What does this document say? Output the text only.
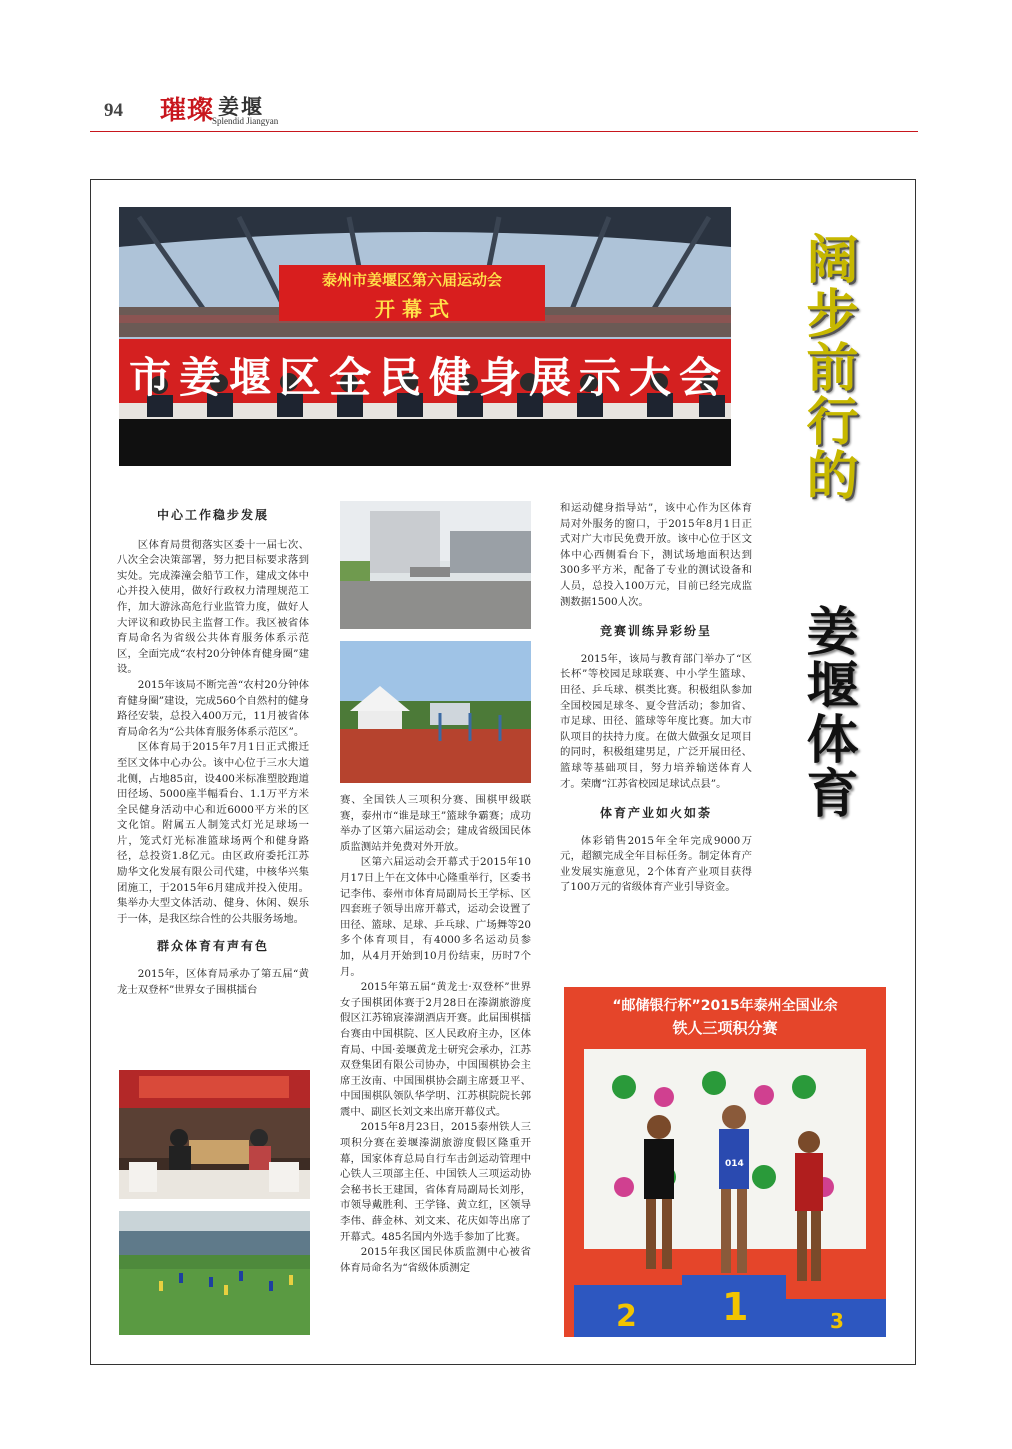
94 璀璨 姜堰
Splendid Jiangyan
泰州市姜堰区第六届运动会
开 幕 式
市姜堰区全民健身展示大会 阔步前行的
姜堰体育
中心工作稳步发展

区体育局贯彻落实区委十一届七次、八次全会决策部署，努力把目标要求落到实处。完成溱潼会船节工作，建成文体中心并投入使用，做好行政权力清理规范工作，加大游泳高危行业监管力度，做好人大评议和政协民主监督工作。我区被省体育局命名为省级公共体育服务体系示范区，全面完成“农村20分钟体育健身圈”建设。

2015年该局不断完善“农村20分钟体育健身圈”建设，完成560个自然村的健身路径安装，总投入400万元，11月被省体育局命名为“公共体育服务体系示范区”。

区体育局于2015年7月1日正式搬迁至区文体中心办公。该中心位于三水大道北侧，占地85亩，设400米标准塑胶跑道田径场、5000座半幅看台、1.1万平方米全民健身活动中心和近6000平方米的区文化馆。附属五人制笼式灯光足球场一片，笼式灯光标准篮球场两个和健身路径，总投资1.8亿元。由区政府委托江苏励华文化发展有限公司代建，中核华兴集团施工，于2015年6月建成并投入使用。集举办大型文体活动、健身、休闲、娱乐于一体，是我区综合性的公共服务场地。

群众体育有声有色

2015年，区体育局承办了第五届“黄龙士双登杯”世界女子围棋擂台

赛、全国铁人三项积分赛、围棋甲级联赛，泰州市“谁是球王”篮球争霸赛；成功举办了区第六届运动会；建成省级国民体质监测站并免费对外开放。

区第六届运动会开幕式于2015年10月17日上午在文体中心隆重举行，区委书记李伟、泰州市体育局副局长王学标、区四套班子领导出席开幕式，运动会设置了田径、篮球、足球、乒乓球、广场舞等20多个体育项目，有4000多名运动员参加，从4月开始到10月份结束，历时7个月。

2015年第五届“黄龙士·双登杯”世界女子围棋团体赛于2月28日在溱湖旅游度假区江苏锦宸溱湖酒店开赛。此届围棋擂台赛由中国棋院、区人民政府主办，区体育局、中国·姜堰黄龙士研究会承办，江苏双登集团有限公司协办，中国围棋协会主席王汝南、中国围棋协会副主席聂卫平、中国围棋队领队华学明、江苏棋院院长郭震中、副区长刘文来出席开幕仪式。

2015年8月23日，2015泰州铁人三项积分赛在姜堰溱湖旅游度假区隆重开幕，国家体育总局自行车击剑运动管理中心铁人三项部主任、中国铁人三项运动协会秘书长王建国，省体育局副局长刘彤，市领导戴胜利、王学锋、黄立红，区领导李伟、薛金林、刘文来、花庆如等出席了开幕式。485名国内外选手参加了比赛。

2015年我区国民体质监测中心被省体育局命名为“省级体质测定

和运动健身指导站”，该中心作为区体育局对外服务的窗口，于2015年8月1日正式对广大市民免费开放。该中心位于区文体中心西侧看台下，测试场地面积达到300多平方米，配备了专业的测试设备和人员，总投入100万元，目前已经完成监测数据1500人次。

竞赛训练异彩纷呈

2015年，该局与教育部门举办了“区长杯”等校园足球联赛、中小学生篮球、田径、乒乓球、棋类比赛。积极组队参加全国校园足球冬、夏令营活动；参加省、市足球、田径、篮球等年度比赛。加大市队项目的扶持力度。在做大做强女足项目的同时，积极组建男足，广泛开展田径、篮球等基础项目，努力培养输送体育人才。荣膺“江苏省校园足球试点县”。

体育产业如火如荼

体彩销售2015年全年完成9000万元，超额完成全年目标任务。制定体育产业发展实施意见，2个体育产业项目获得了100万元的省级体育产业引导资金。

“邮储银行杯”2015年泰州全国业余
铁人三项积分赛
014
2 1	3
